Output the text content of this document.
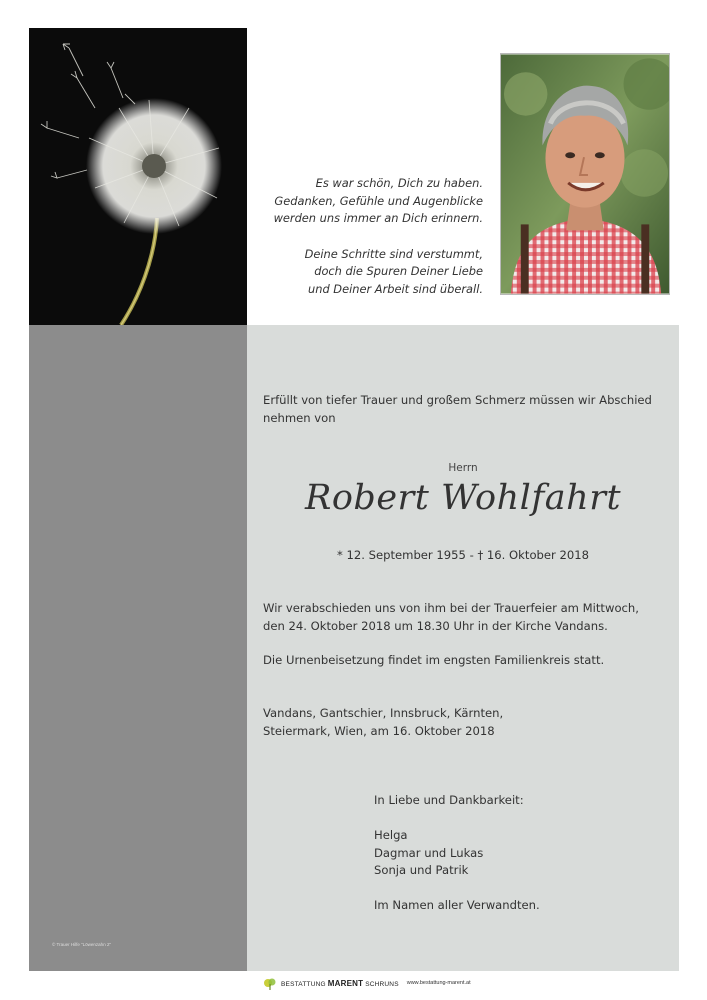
© Trauer Hilfe "Löwenzahn 2"

Es war schön, Dich zu haben.
Gedanken, Gefühle und Augenblicke
werden uns immer an Dich erinnern.

Deine Schritte sind verstummt,
doch die Spuren Deiner Liebe
und Deiner Arbeit sind überall.

Erfüllt von tiefer Trauer und großem Schmerz müssen wir Abschied nehmen von
Herrn
Robert Wohlfahrt
* 12. September 1955 - † 16. Oktober 2018
Wir verabschieden uns von ihm bei der Trauerfeier am Mittwoch,
den 24. Oktober 2018 um 18.30 Uhr in der Kirche Vandans.
Die Urnenbeisetzung findet im engsten Familienkreis statt.
Vandans, Gantschier, Innsbruck, Kärnten,
Steiermark, Wien, am 16. Oktober 2018
In Liebe und Dankbarkeit:
Helga
Dagmar und Lukas
Sonja und Patrik
Im Namen aller Verwandten.
BESTATTUNG MARENT SCHRUNS www.bestattung-marent.at
